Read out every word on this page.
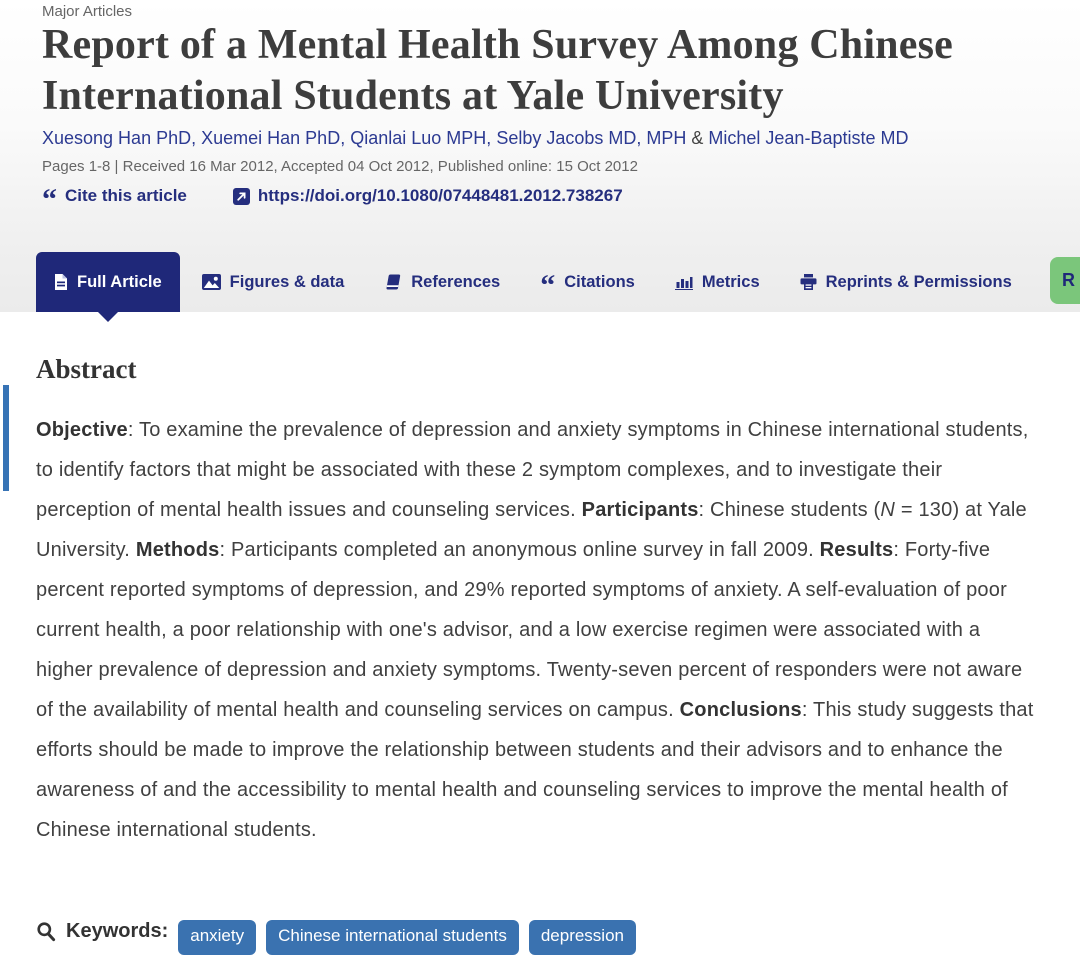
Major Articles
Report of a Mental Health Survey Among Chinese International Students at Yale University
Xuesong Han PhD, Xuemei Han PhD, Qianlai Luo MPH, Selby Jacobs MD, MPH & Michel Jean-Baptiste MD
Pages 1-8 | Received 16 Mar 2012, Accepted 04 Oct 2012, Published online: 15 Oct 2012
“ Cite this article	https://doi.org/10.1080/07448481.2012.738267
Full Article	Figures & data	References “ Citations	Metrics	Reprints & Permissions	R
Abstract

Objective: To examine the prevalence of depression and anxiety symptoms in Chinese international students, to identify factors that might be associated with these 2 symptom complexes, and to investigate their perception of mental health issues and counseling services. Participants: Chinese students (N = 130) at Yale University. Methods: Participants completed an anonymous online survey in fall 2009. Results: Forty-five percent reported symptoms of depression, and 29% reported symptoms of anxiety. A self-evaluation of poor current health, a poor relationship with one's advisor, and a low exercise regimen were associated with a higher prevalence of depression and anxiety symptoms. Twenty-seven percent of responders were not aware of the availability of mental health and counseling services on campus. Conclusions: This study suggests that efforts should be made to improve the relationship between students and their advisors and to enhance the awareness of and the accessibility to mental health and counseling services to improve the mental health of Chinese international students.

Keywords:	anxiety	Chinese international students	depression
